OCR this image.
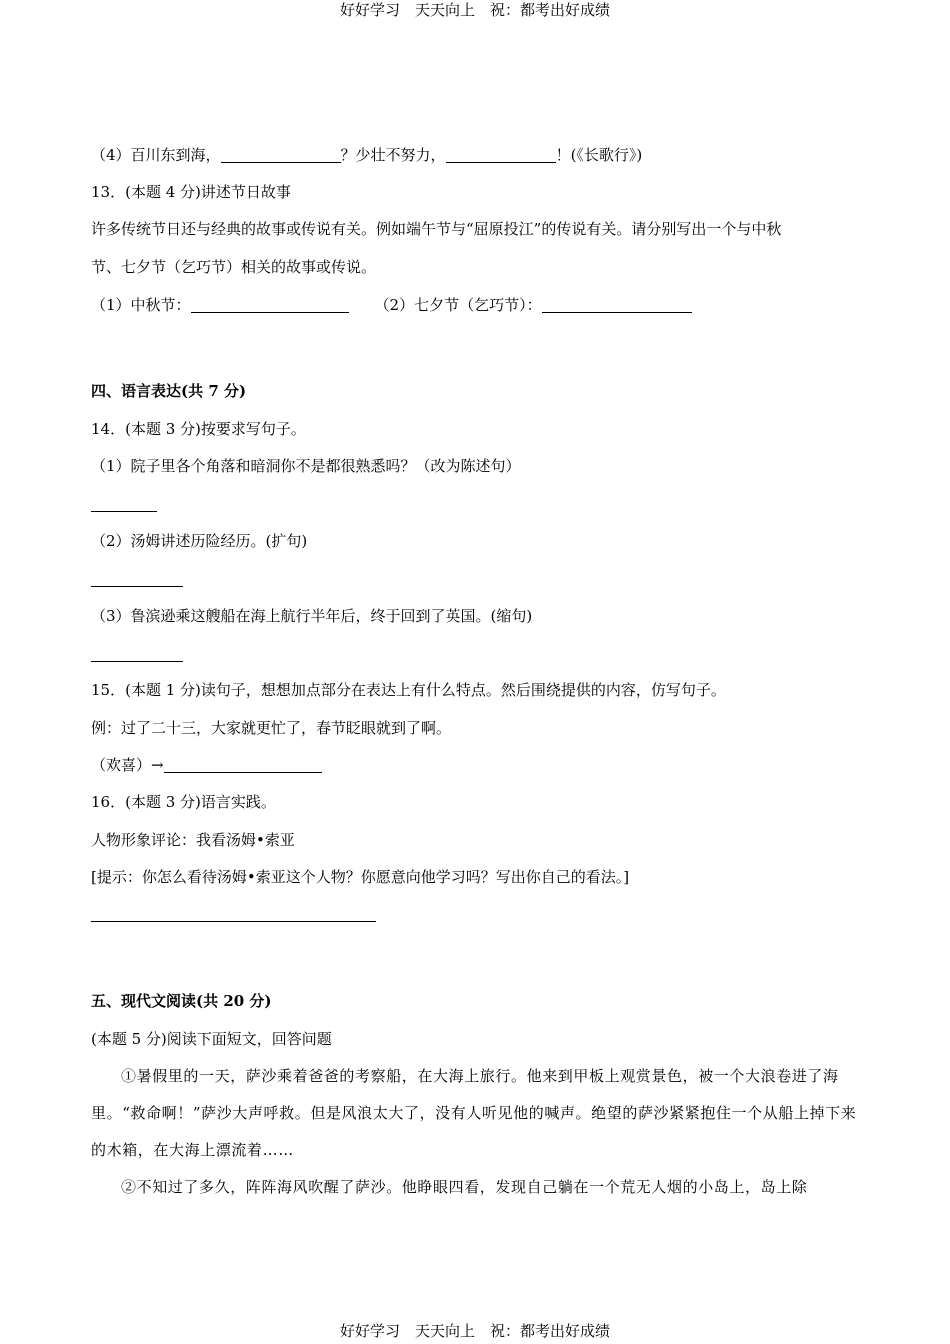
好好学习　天天向上　祝：都考出好成绩
（4）百川东到海，	？少壮不努力，	！(《长歌行》)
13．(本题 4 分)讲述节日故事
许多传统节日还与经典的故事或传说有关。例如端午节与“屈原投江”的传说有关。请分别写出一个与中秋
节、七夕节（乞巧节）相关的故事或传说。
（1）中秋节：	（2）七夕节（乞巧节）：
四、语言表达(共 7 分)
14．(本题 3 分)按要求写句子。
（1）院子里各个角落和暗洞你不是都很熟悉吗？（改为陈述句）
（2）汤姆讲述历险经历。(扩句)
（3）鲁滨逊乘这艘船在海上航行半年后，终于回到了英国。(缩句)
15．(本题 1 分)读句子，想想加点部分在表达上有什么特点。然后围绕提供的内容，仿写句子。
例：过了二十三，大家就更忙了，春节眨眼就到了啊。
（欢喜）→
16．(本题 3 分)语言实践。
人物形象评论：我看汤姆•索亚
[提示：你怎么看待汤姆•索亚这个人物？你愿意向他学习吗？写出你自己的看法。]
五、现代文阅读(共 20 分)
(本题 5 分)阅读下面短文，回答问题
①暑假里的一天，萨沙乘着爸爸的考察船，在大海上旅行。他来到甲板上观赏景色，被一个大浪卷进了海里。“救命啊！”萨沙大声呼救。但是风浪太大了，没有人听见他的喊声。绝望的萨沙紧紧抱住一个从船上掉下来的木箱，在大海上漂流着……
②不知过了多久，阵阵海风吹醒了萨沙。他睁眼四看，发现自己躺在一个荒无人烟的小岛上，岛上除
好好学习　天天向上　祝：都考出好成绩
